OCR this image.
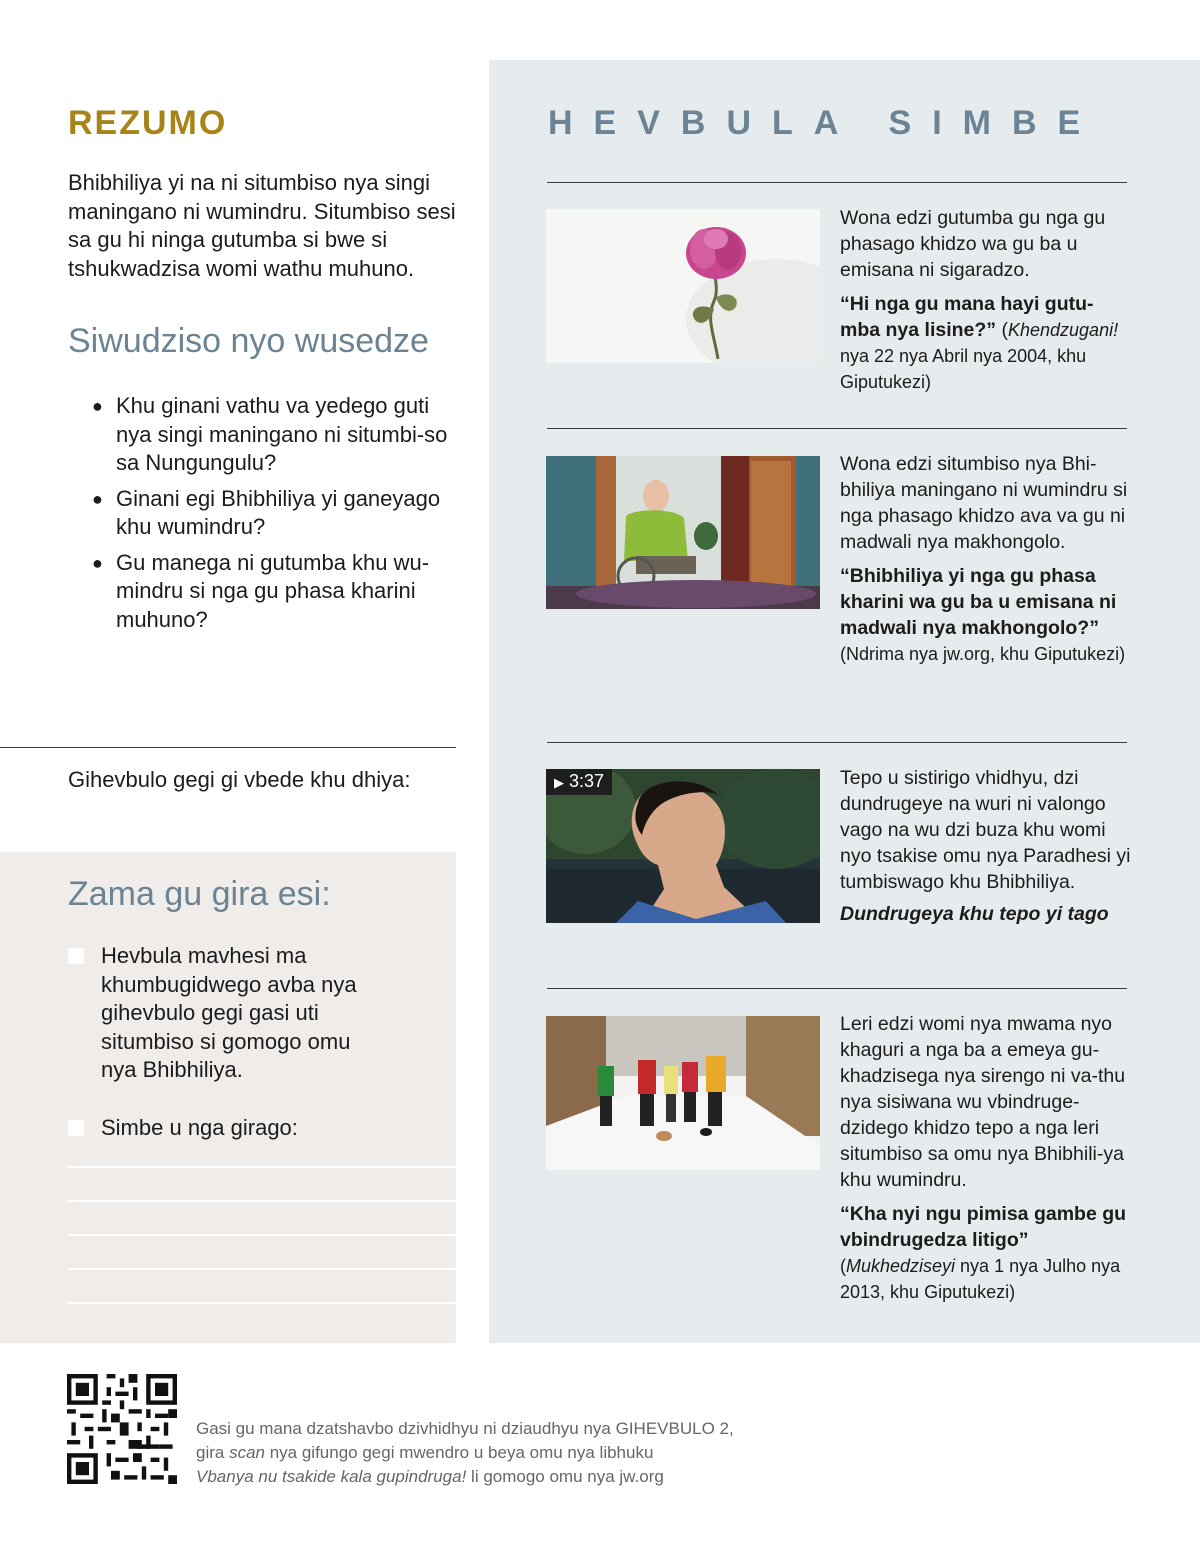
REZUMO

Bhibhiliya yi na ni situmbiso nya singi maningano ni wumindru. Situmbiso sesi sa gu hi ninga gutumba si bwe si tshukwadzisa womi wathu muhuno.

Siwudziso nyo wusedze
● Khu ginani vathu va yedego guti nya singi maningano ni situmbi-so sa Nungungulu?
● Ginani egi Bhibhiliya yi ganeyago khu wumindru?
● Gu manega ni gutumba khu wu-mindru si nga gu phasa kharini muhuno?

Gihevbulo gegi gi vbede khu dhiya:

Zama gu gira esi:
Hevbula mavhesi ma khumbugidwego avba nya gihevbulo gegi gasi uti situmbiso si gomogo omu nya Bhibhiliya.
Simbe u nga girago:
HEVBULA SIMBE

Wona edzi gutumba gu nga gu phasago khidzo wa gu ba u emisana ni sigaradzo.

“Hi nga gu mana hayi gutu-mba nya lisine?” (Khendzugani! nya 22 nya Abril nya 2004, khu Giputukezi)

Wona edzi situmbiso nya Bhi-bhiliya maningano ni wumindru si nga phasago khidzo ava va gu ni madwali nya makhongolo.

“Bhibhiliya yi nga gu phasa kharini wa gu ba u emisana ni madwali nya makhongolo?”

(Ndrima nya jw.org, khu Giputukezi)

▶ 3:37	Tepo u sistirigo vhidhyu, dzi dundrugeye na wuri ni valongo vago na wu dzi buza khu womi nyo tsakise omu nya Paradhesi yi tumbiswago khu Bhibhiliya.

Dundrugeya khu tepo yi tago

Leri edzi womi nya mwama nyo khaguri a nga ba a emeya gu-khadzisega nya sirengo ni va-thu nya sisiwana wu vbindruge-dzidego khidzo tepo a nga leri situmbiso sa omu nya Bhibhili-ya khu wumindru.

“Kha nyi ngu pimisa gambe gu vbindrugedza litigo”

(Mukhedziseyi nya 1 nya Julho nya 2013, khu Giputukezi)

Gasi gu mana dzatshavbo dzivhidhyu ni dziaudhyu nya GIHEVBULO 2,
gira scan nya gifungo gegi mwendro u beya omu nya libhuku
Vbanya nu tsakide kala gupindruga! li gomogo omu nya jw.org
